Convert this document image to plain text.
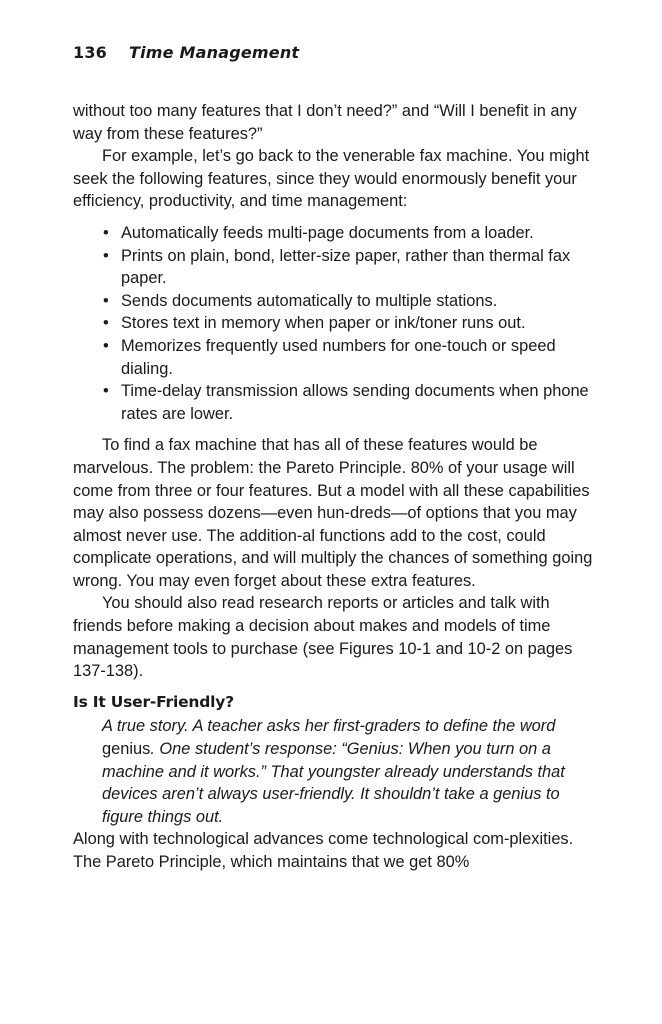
136 Time Management

without too many features that I don’t need?” and “Will I benefit in any way from these features?”

For example, let’s go back to the venerable fax machine. You might seek the following features, since they would enormously benefit your efficiency, productivity, and time management:

• Automatically feeds multi-page documents from a loader.
• Prints on plain, bond, letter-size paper, rather than thermal fax paper.
• Sends documents automatically to multiple stations.
• Stores text in memory when paper or ink/toner runs out.
• Memorizes frequently used numbers for one-touch or speed dialing.
• Time-delay transmission allows sending documents when phone rates are lower.

To find a fax machine that has all of these features would be marvelous. The problem: the Pareto Principle. 80% of your usage will come from three or four features. But a model with all these capabilities may also possess dozens—even hun-dreds—of options that you may almost never use. The addition-al functions add to the cost, could complicate operations, and will multiply the chances of something going wrong. You may even forget about these extra features.

You should also read research reports or articles and talk with friends before making a decision about makes and models of time management tools to purchase (see Figures 10-1 and 10-2 on pages 137-138).

Is It User-Friendly?

A true story. A teacher asks her first-graders to define the word genius. One student’s response: “Genius: When you turn on a machine and it works.” That youngster already understands that devices aren’t always user-friendly. It shouldn’t take a genius to figure things out.

Along with technological advances come technological com-plexities. The Pareto Principle, which maintains that we get 80%
